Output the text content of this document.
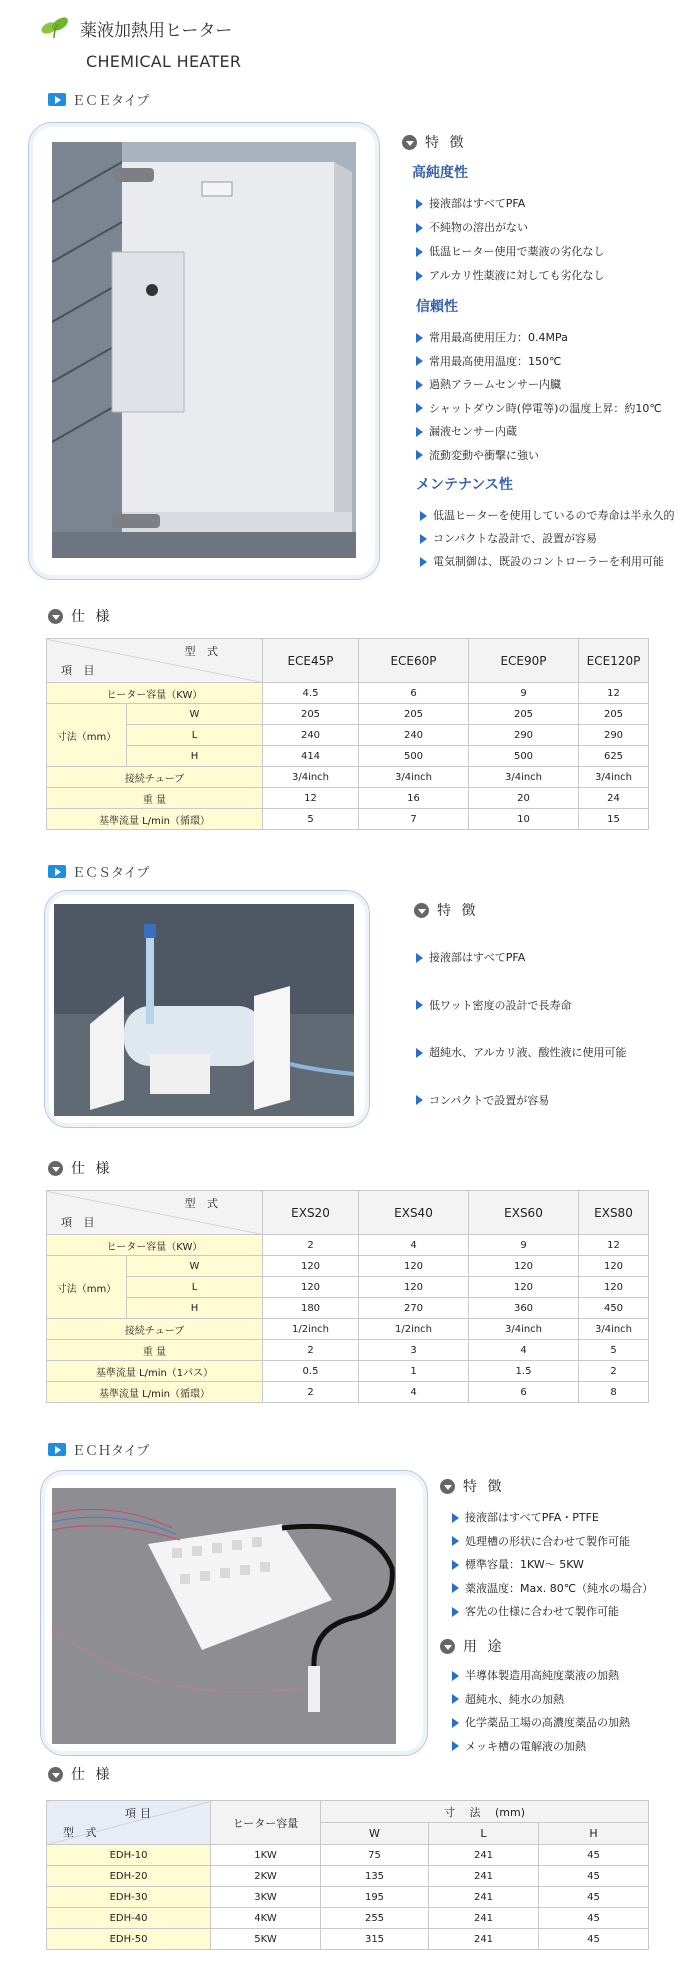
薬液加熱用ヒーター
CHEMICAL HEATER
ＥＣＥタイプ
特 徴
高純度性
接液部はすべてPFA
不純物の溶出がない
低温ヒーター使用で薬液の劣化なし
アルカリ性薬液に対しても劣化なし
信頼性
常用最高使用圧力：0.4MPa
常用最高使用温度：150℃
過熱アラームセンサー内臓
シャットダウン時(停電等)の温度上昇：約10℃
漏液センサー内蔵
流動変動や衝撃に強い
メンテナンス性
低温ヒーターを使用しているので寿命は半永久的
コンパクトな設計で、設置が容易
電気制御は、既設のコントローラーを利用可能
仕 様
型 式
項 目		ECE45P	ECE60P	ECE90P	ECE120P
ヒーター容量（KW）		4.5	6	9	12
寸法（mm）	W	205	205	205	205
	L	240	240	290	290
	H	414	500	500	625
接続チューブ		3/4inch	3/4inch	3/4inch	3/4inch
重 量		12	16	20	24
基準流量 L/min（循環）		5	7	10	15
ＥＣＳタイプ
特 徴
接液部はすべてPFA
低ワット密度の設計で長寿命
超純水、アルカリ液、酸性液に使用可能
コンパクトで設置が容易
仕 様
型 式
項 目		EXS20	EXS40	EXS60	EXS80
ヒーター容量（KW）		2	4	9	12
寸法（mm）	W	120	120	120	120
	L	120	120	120	120
	H	180	270	360	450
接続チューブ		1/2inch	1/2inch	3/4inch	3/4inch
重 量		2	3	4	5
基準流量 L/min（1パス）		0.5	1	1.5	2
基準流量 L/min（循環）		2	4	6	8
ＥＣＨタイプ
特 徴
接液部はすべてPFA・PTFE
処理槽の形状に合わせて製作可能
標準容量：1KW～ 5KW
薬液温度：Max. 80℃（純水の場合）
客先の仕様に合わせて製作可能
用 途
半導体製造用高純度薬液の加熱
超純水、純水の加熱
化学薬品工場の高濃度薬品の加熱
メッキ槽の電解液の加熱
仕 様
項目
型 式	ヒーター容量	寸　 法　 (mm)		
		W	L	H
EDH-10	1KW	75	241	45
EDH-20	2KW	135	241	45
EDH-30	3KW	195	241	45
EDH-40	4KW	255	241	45
EDH-50	5KW	315	241	45
